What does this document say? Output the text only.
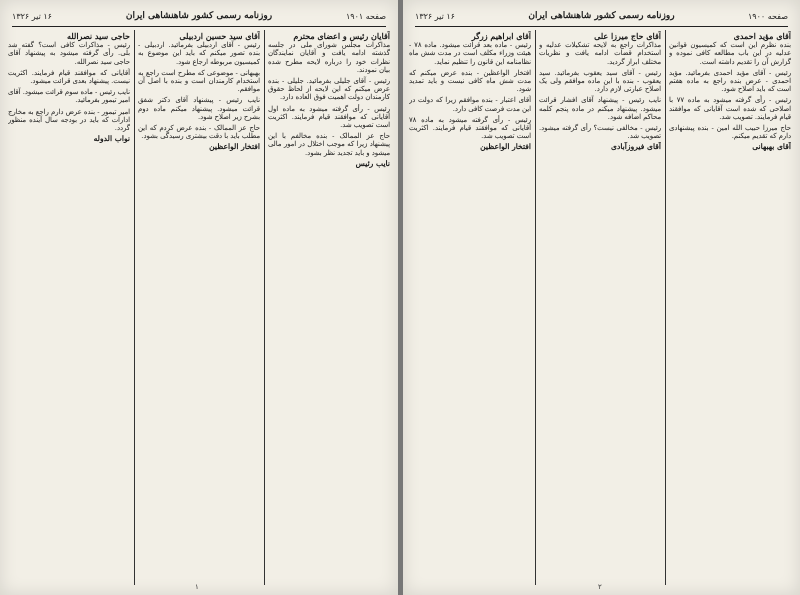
صفحه ۱۹۰۱
روزنامه رسمی کشور شاهنشاهی ایران
۱۶ تیر ۱۳۲۶
آقایان رئیس و اعضای محترم

مذاکرات مجلس شورای ملی در جلسه گذشته ادامه یافت و آقایان نمایندگان نظرات خود را درباره لایحه مطرح شده بیان نمودند.

رئیس - آقای جلیلی بفرمائید. جلیلی - بنده عرض میکنم که این لایحه از لحاظ حقوق کارمندان دولت اهمیت فوق العاده دارد.

رئیس - رأی گرفته میشود به ماده اول آقایانی که موافقند قیام فرمایند. اکثریت است تصویب شد.

حاج عز الممالک - بنده مخالفم با این پیشنهاد زیرا که موجب اختلال در امور مالی میشود و باید تجدید نظر بشود.

نایب رئیس

آقای سید حسین اردبیلی

رئیس - آقای اردبیلی بفرمائید. اردبیلی - بنده تصور میکنم که باید این موضوع به کمیسیون مربوطه ارجاع شود.

بهبهانی - موضوعی که مطرح است راجع به استخدام کارمندان است و بنده با اصل آن موافقم.

نایب رئیس - پیشنهاد آقای دکتر شفق قرائت میشود. پیشنهاد میکنم ماده دوم بشرح زیر اصلاح شود.

حاج عز الممالک - بنده عرض کردم که این مطلب باید با دقت بیشتری رسیدگی بشود.

افتخار الواعظین

حاجی سید نصرالله

رئیس - مذاکرات کافی است؟ گفته شد بلی. رأی گرفته میشود به پیشنهاد آقای حاجی سید نصرالله.

آقایانی که موافقند قیام فرمایند. اکثریت نیست. پیشنهاد بعدی قرائت میشود.

نایب رئیس - ماده سوم قرائت میشود. آقای امیر تیمور بفرمائید.

امیر تیمور - بنده عرض دارم راجع به مخارج ادارات که باید در بودجه سال آینده منظور گردد.

نواب الدوله

۱
صفحه ۱۹۰۰
روزنامه رسمی کشور شاهنشاهی ایران
۱۶ تیر ۱۳۲۶
آقای مؤید احمدی

بنده نظرم این است که کمیسیون قوانین عدلیه در این باب مطالعه کافی نموده و گزارش آن را تقدیم داشته است.

رئیس - آقای مؤید احمدی بفرمائید. مؤید احمدی - عرض بنده راجع به ماده هفتم است که باید اصلاح شود.

رئیس - رأی گرفته میشود به ماده ۷۷ با اصلاحی که شده است آقایانی که موافقند قیام فرمایند. تصویب شد.

حاج میرزا حبیب الله امین - بنده پیشنهادی دارم که تقدیم میکنم.

آقای بهبهانی

آقای حاج میرزا علی

مذاکرات راجع به لایحه تشکیلات عدلیه و استخدام قضات ادامه یافت و نظریات مختلف ابراز گردید.

رئیس - آقای سید یعقوب بفرمائید. سید یعقوب - بنده با این ماده موافقم ولی یک اصلاح عبارتی لازم دارد.

نایب رئیس - پیشنهاد آقای افشار قرائت میشود. پیشنهاد میکنم در ماده پنجم کلمه محاکم اضافه شود.

رئیس - مخالفی نیست؟ رأی گرفته میشود. تصویب شد.

آقای فیروزآبادی

آقای ابراهیم زرگر

رئیس - ماده بعد قرائت میشود. ماده ۷۸ - هیئت وزراء مکلف است در مدت شش ماه نظامنامه این قانون را تنظیم نماید.

افتخار الواعظین - بنده عرض میکنم که مدت شش ماه کافی نیست و باید تمدید شود.

آقای اعتبار - بنده موافقم زیرا که دولت در این مدت فرصت کافی دارد.

رئیس - رأی گرفته میشود به ماده ۷۸ آقایانی که موافقند قیام فرمایند. اکثریت است تصویب شد.

افتخار الواعظین

۲
